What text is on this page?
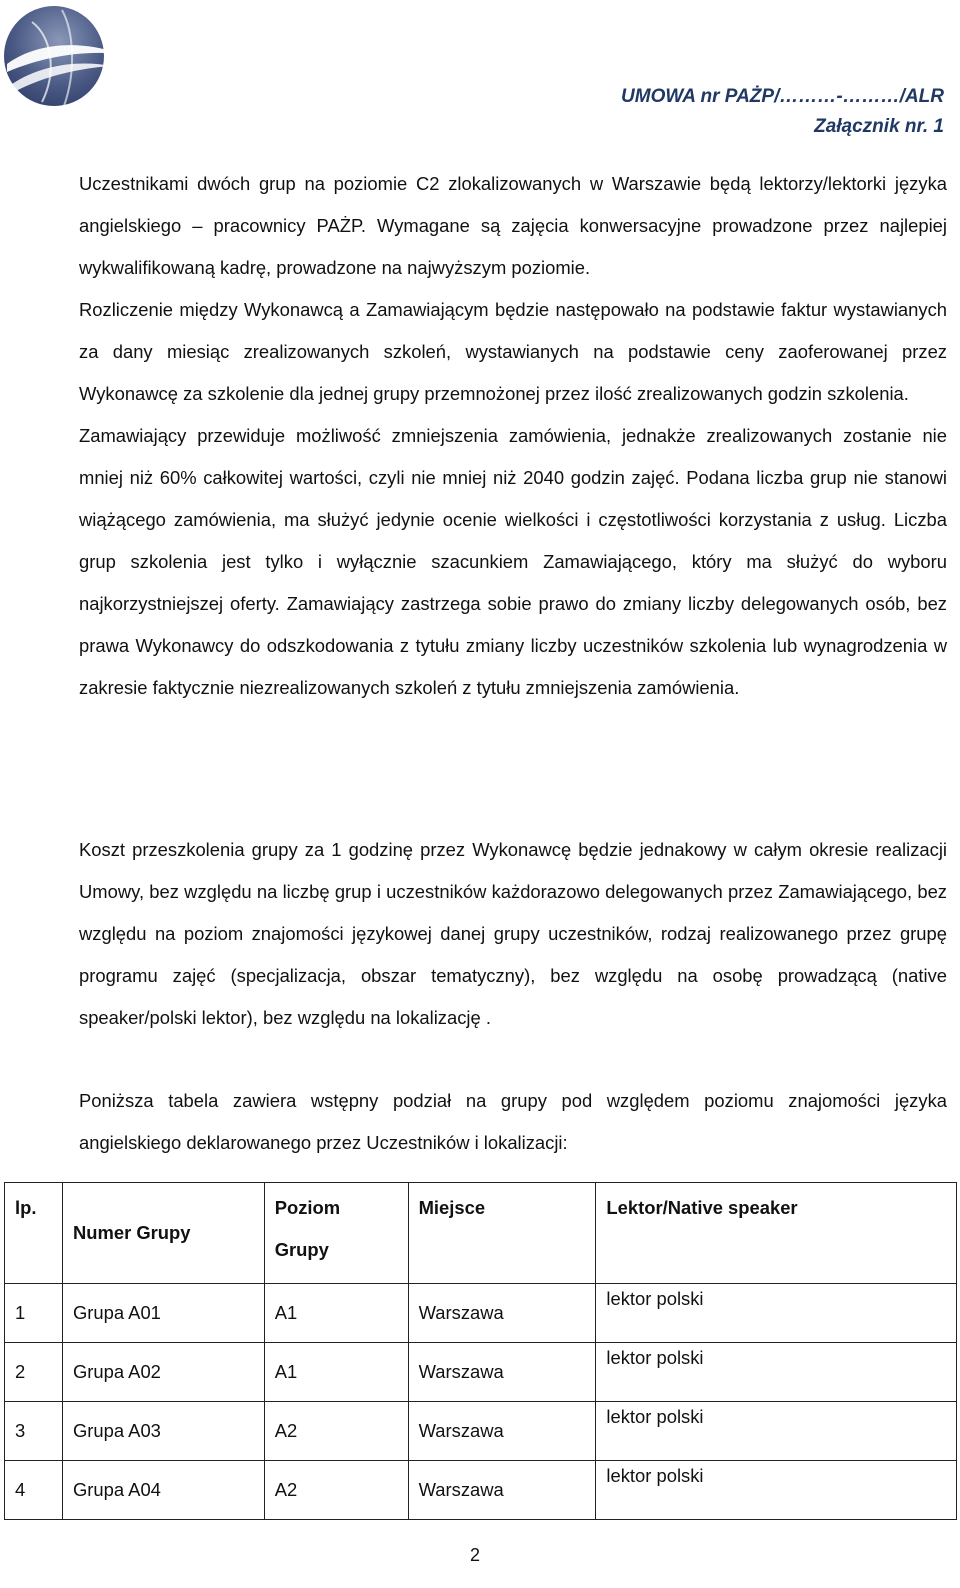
UMOWA nr PAŻP/………-………/ALR
Załącznik nr. 1

Uczestnikami dwóch grup na poziomie C2 zlokalizowanych w Warszawie będą lektorzy/lektorki języka angielskiego – pracownicy PAŻP. Wymagane są zajęcia konwersacyjne prowadzone przez najlepiej wykwalifikowaną kadrę, prowadzone na najwyższym poziomie.

Rozliczenie między Wykonawcą a Zamawiającym będzie następowało na podstawie faktur wystawianych za dany miesiąc zrealizowanych szkoleń, wystawianych na podstawie ceny zaoferowanej przez Wykonawcę za szkolenie dla jednej grupy przemnożonej przez ilość zrealizowanych godzin szkolenia.

Zamawiający przewiduje możliwość zmniejszenia zamówienia, jednakże zrealizowanych zostanie nie mniej niż 60% całkowitej wartości, czyli nie mniej niż 2040 godzin zajęć. Podana liczba grup nie stanowi wiążącego zamówienia, ma służyć jedynie ocenie wielkości i częstotliwości korzystania z usług. Liczba grup szkolenia jest tylko i wyłącznie szacunkiem Zamawiającego, który ma służyć do wyboru najkorzystniejszej oferty. Zamawiający zastrzega sobie prawo do zmiany liczby delegowanych osób, bez prawa Wykonawcy do odszkodowania z tytułu zmiany liczby uczestników szkolenia lub wynagrodzenia w zakresie faktycznie niezrealizowanych szkoleń z tytułu zmniejszenia zamówienia.

Koszt przeszkolenia grupy za 1 godzinę przez Wykonawcę będzie jednakowy w całym okresie realizacji Umowy, bez względu na liczbę grup i uczestników każdorazowo delegowanych przez Zamawiającego, bez względu na poziom znajomości językowej danej grupy uczestników, rodzaj realizowanego przez grupę programu zajęć (specjalizacja, obszar tematyczny), bez względu na osobę prowadzącą (native speaker/polski lektor), bez względu na lokalizację .

Poniższa tabela zawiera wstępny podział na grupy pod względem poziomu znajomości języka angielskiego deklarowanego przez Uczestników i lokalizacji:

lp.	Numer Grupy	Poziom Grupy	Miejsce	Lektor/Native speaker
1	Grupa A01	A1	Warszawa	lektor polski
2	Grupa A02	A1	Warszawa	lektor polski
3	Grupa A03	A2	Warszawa	lektor polski
4	Grupa A04	A2	Warszawa	lektor polski
2
